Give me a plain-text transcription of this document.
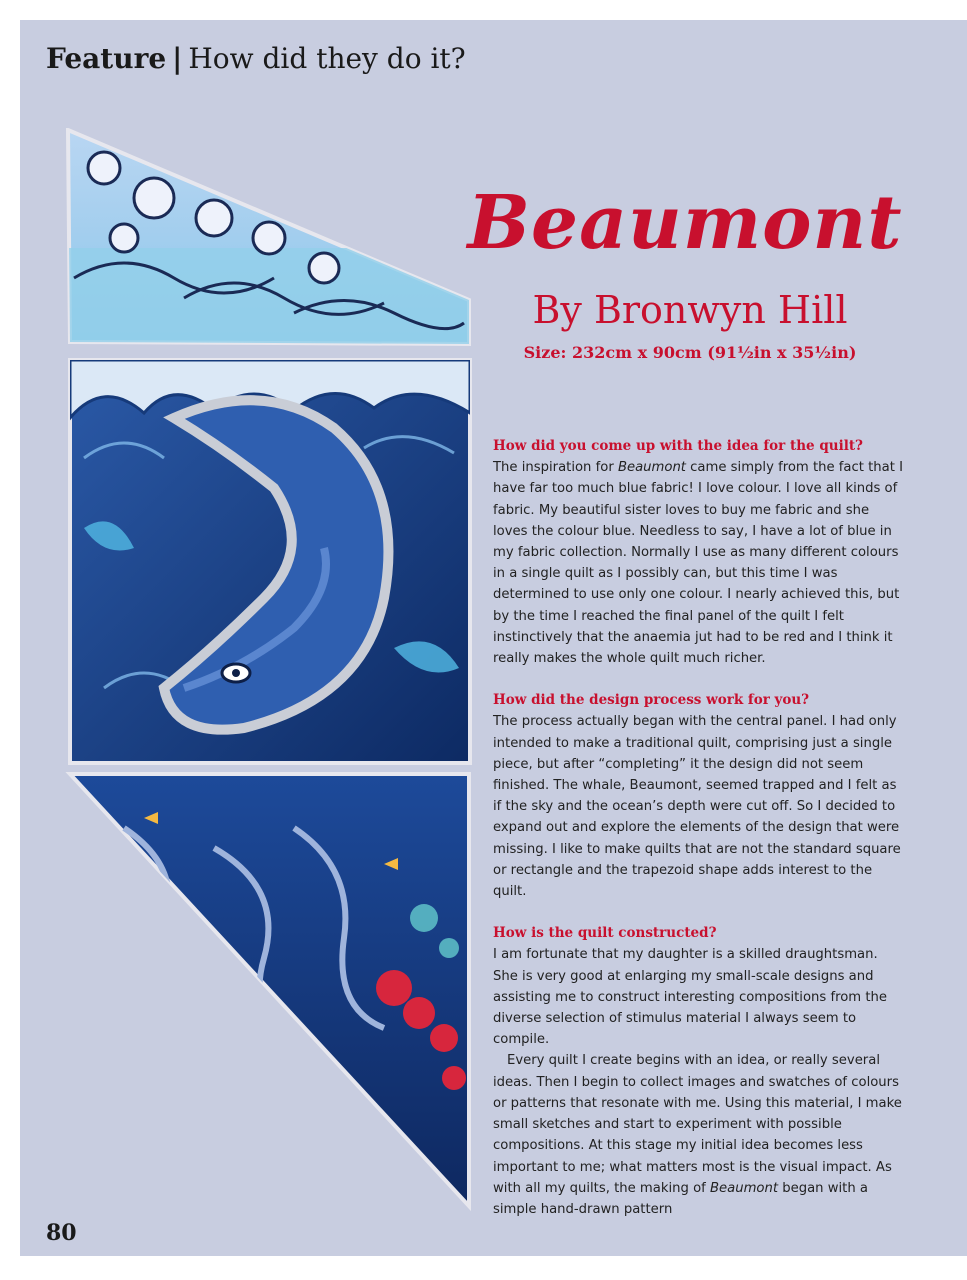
Feature | How did they do it?

Beaumont

By Bronwyn Hill

Size: 232cm x 90cm (91½in x 35½in)

How did you come up with the idea for the quilt?

The inspiration for Beaumont came simply from the fact that I have far too much blue fabric! I love colour. I love all kinds of fabric. My beautiful sister loves to buy me fabric and she loves the colour blue. Needless to say, I have a lot of blue in my fabric collection. Normally I use as many different colours in a single quilt as I possibly can, but this time I was determined to use only one colour. I nearly achieved this, but by the time I reached the final panel of the quilt I felt instinctively that the anaemia jut had to be red and I think it really makes the whole quilt much richer.

How did the design process work for you?

The process actually began with the central panel. I had only intended to make a traditional quilt, comprising just a single piece, but after “completing” it the design did not seem finished. The whale, Beaumont, seemed trapped and I felt as if the sky and the ocean’s depth were cut off. So I decided to expand out and explore the elements of the design that were missing. I like to make quilts that are not the standard square or rectangle and the trapezoid shape adds interest to the quilt.

How is the quilt constructed?

I am fortunate that my daughter is a skilled draughtsman. She is very good at enlarging my small-scale designs and assisting me to construct interesting compositions from the diverse selection of stimulus material I always seem to compile.

Every quilt I create begins with an idea, or really several ideas. Then I begin to collect images and swatches of colours or patterns that resonate with me. Using this material, I make small sketches and start to experiment with possible compositions. At this stage my initial idea becomes less important to me; what matters most is the visual impact. As with all my quilts, the making of Beaumont began with a simple hand-drawn pattern

80
